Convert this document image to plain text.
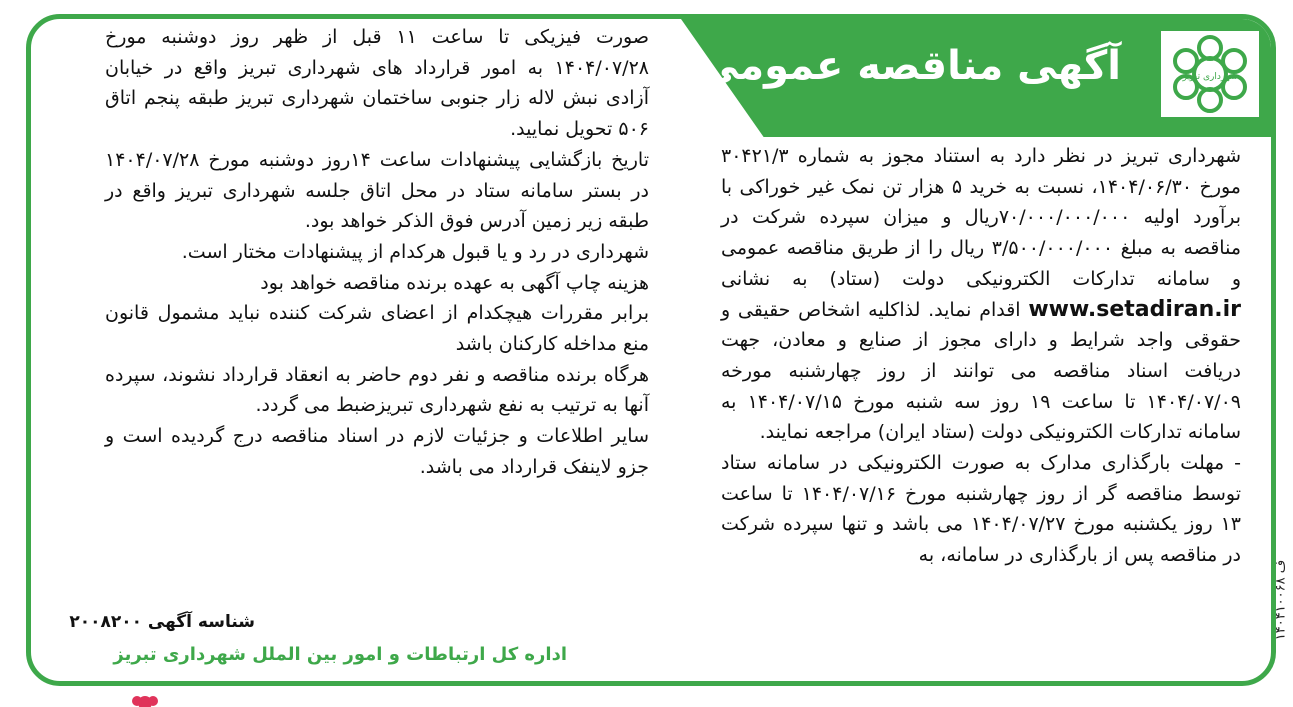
آگهی مناقصه عمومی	شهرداری تبریز

شهرداری تبریز در نظر دارد به استناد مجوز به شماره ۳۰۴۲۱/۳ مورخ ۱۴۰۴/۰۶/۳۰، نسبت به خرید ۵ هزار تن نمک غیر خوراکی با برآورد اولیه ۷۰/۰۰۰/۰۰۰/۰۰۰ریال و میزان سپرده شرکت در مناقصه به مبلغ ۳/۵۰۰/۰۰۰/۰۰۰ ریال را از طریق مناقصه عمومی و سامانه تدارکات الکترونیکی دولت (ستاد) به نشانی www.setadiran.ir اقدام نماید. لذاکلیه اشخاص حقیقی و حقوقی واجد شرایط و دارای مجوز از صنایع و معادن، جهت دریافت اسناد مناقصه می توانند از روز چهارشنبه مورخه ۱۴۰۴/۰۷/۰۹ تا ساعت ۱۹ روز سه شنبه مورخ ۱۴۰۴/۰۷/۱۵ به سامانه تدارکات الکترونیکی دولت (ستاد ایران) مراجعه نمایند.

- مهلت بارگذاری مدارک به صورت الکترونیکی در سامانه ستاد توسط مناقصه گر از روز چهارشنبه مورخ ۱۴۰۴/۰۷/۱۶ تا ساعت ۱۳ روز یکشنبه مورخ ۱۴۰۴/۰۷/۲۷ می باشد و تنها سپرده شرکت در مناقصه پس از بارگذاری در سامانه، به

صورت فیزیکی تا ساعت ۱۱ قبل از ظهر روز دوشنبه مورخ ۱۴۰۴/۰۷/۲۸ به امور قرارداد های شهرداری تبریز واقع در خیابان آزادی نبش لاله زار جنوبی ساختمان شهرداری تبریز طبقه پنجم اتاق ۵۰۶ تحویل نمایید.

تاریخ بازگشایی پیشنهادات ساعت ۱۴روز دوشنبه مورخ ۱۴۰۴/۰۷/۲۸ در بستر سامانه ستاد در محل اتاق جلسه شهرداری تبریز واقع در طبقه زیر زمین آدرس فوق الذکر خواهد بود.

شهرداری در رد و یا قبول هرکدام از پیشنهادات مختار است.

هزینه چاپ آگهی به عهده برنده مناقصه خواهد بود

برابر مقررات هیچکدام از اعضای شرکت کننده نباید مشمول قانون منع مداخله کارکنان باشد

هرگاه برنده مناقصه و نفر دوم حاضر به انعقاد قرارداد نشوند، سپرده آنها به ترتیب به نفع شهرداری تبریزضبط می گردد.

سایر اطلاعات و جزئیات لازم در اسناد مناقصه درج گردیده است و جزو لاینفک قرارداد می باشد.

شناسه آگهی ۲۰۰۸۲۰۰
اداره کل ارتباطات و امور بین الملل شهرداری تبریز
۱۴۰۴۱۰۰۶۸ ف
